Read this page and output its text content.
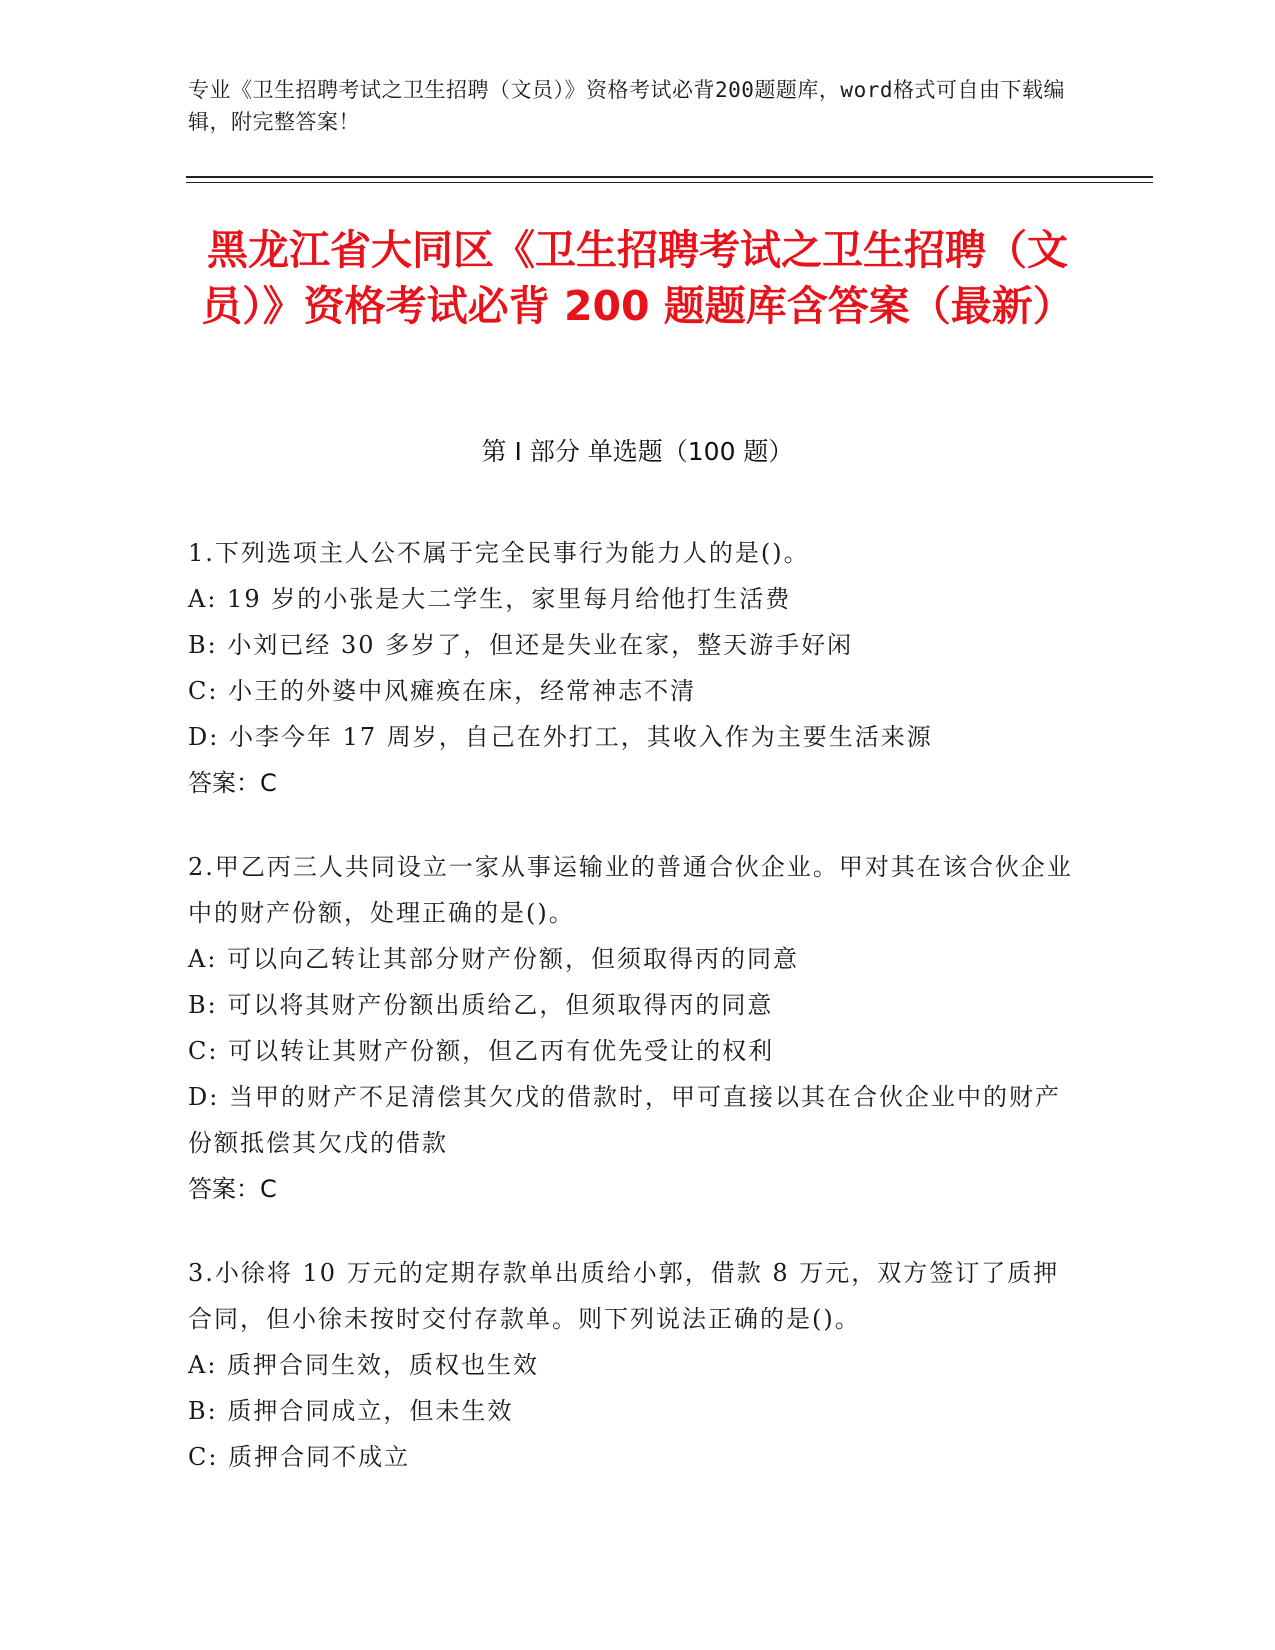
专业《卫生招聘考试之卫生招聘（文员）》资格考试必背200题题库，word格式可自由下载编辑，附完整答案！
黑龙江省大同区《卫生招聘考试之卫生招聘（文员）》资格考试必背 200 题题库含答案（最新）
第 I 部分 单选题（100 题）
1.下列选项主人公不属于完全民事行为能力人的是()。
A: 19 岁的小张是大二学生，家里每月给他打生活费
B: 小刘已经 30 多岁了，但还是失业在家，整天游手好闲
C: 小王的外婆中风瘫痪在床，经常神志不清
D: 小李今年 17 周岁，自己在外打工，其收入作为主要生活来源
答案：C
2.甲乙丙三人共同设立一家从事运输业的普通合伙企业。甲对其在该合伙企业中的财产份额，处理正确的是()。
A: 可以向乙转让其部分财产份额，但须取得丙的同意
B: 可以将其财产份额出质给乙，但须取得丙的同意
C: 可以转让其财产份额，但乙丙有优先受让的权利
D: 当甲的财产不足清偿其欠戊的借款时，甲可直接以其在合伙企业中的财产份额抵偿其欠戊的借款
答案：C
3.小徐将 10 万元的定期存款单出质给小郭，借款 8 万元，双方签订了质押合同，但小徐未按时交付存款单。则下列说法正确的是()。
A: 质押合同生效，质权也生效
B: 质押合同成立，但未生效
C: 质押合同不成立
